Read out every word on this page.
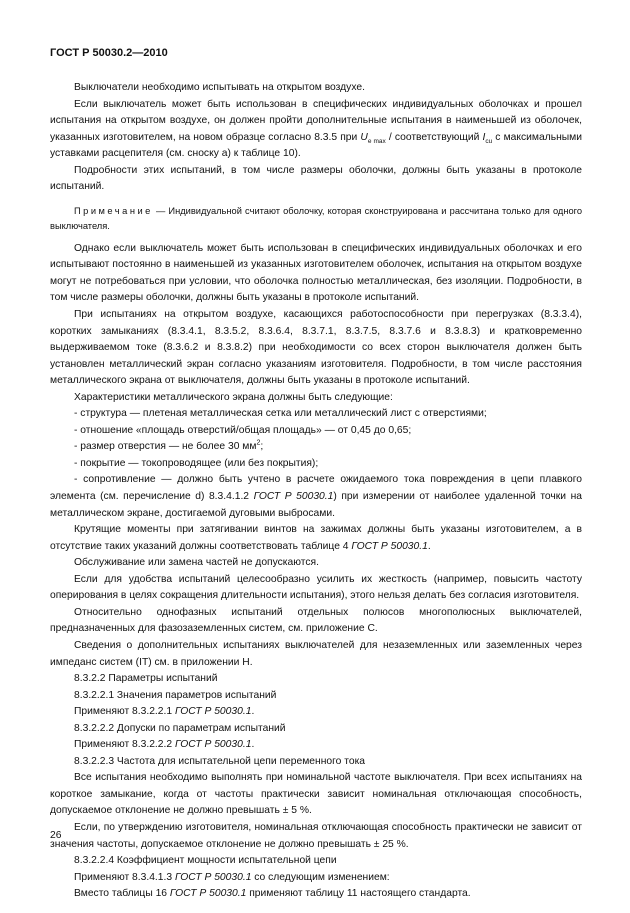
ГОСТ Р 50030.2—2010

Выключатели необходимо испытывать на открытом воздухе.

Если выключатель может быть использован в специфических индивидуальных оболочках и прошел испытания на открытом воздухе, он должен пройти дополнительные испытания в наименьшей из оболочек, указанных изготовителем, на новом образце согласно 8.3.5 при $U_{e max}$ / соответствующий $I_{cu}$ с максимальными уставками расцепителя (см. сноску а) к таблице 10).

Подробности этих испытаний, в том числе размеры оболочки, должны быть указаны в протоколе испытаний.

Примечание — Индивидуальной считают оболочку, которая сконструирована и рассчитана только для одного выключателя.

Однако если выключатель может быть использован в специфических индивидуальных оболочках и его испытывают постоянно в наименьшей из указанных изготовителем оболочек, испытания на открытом воздухе могут не потребоваться при условии, что оболочка полностью металлическая, без изоляции. Подробности, в том числе размеры оболочки, должны быть указаны в протоколе испытаний.

При испытаниях на открытом воздухе, касающихся работоспособности при перегрузках (8.3.3.4), коротких замыканиях (8.3.4.1, 8.3.5.2, 8.3.6.4, 8.3.7.1, 8.3.7.5, 8.3.7.6 и 8.3.8.3) и кратковременно выдерживаемом токе (8.3.6.2 и 8.3.8.2) при необходимости со всех сторон выключателя должен быть установлен металлический экран согласно указаниям изготовителя. Подробности, в том числе расстояния металлического экрана от выключателя, должны быть указаны в протоколе испытаний.

Характеристики металлического экрана должны быть следующие:

- структура — плетеная металлическая сетка или металлический лист с отверстиями;

- отношение «площадь отверстий/общая площадь» — от 0,45 до 0,65;

- размер отверстия — не более 30 $мм^2$;

- покрытие — токопроводящее (или без покрытия);

- сопротивление — должно быть учтено в расчете ожидаемого тока повреждения в цепи плавкого элемента (см. перечисление d) 8.3.4.1.2 ГОСТ Р 50030.1) при измерении от наиболее удаленной точки на металлическом экране, достигаемой дуговыми выбросами.

Крутящие моменты при затягивании винтов на зажимах должны быть указаны изготовителем, а в отсутствие таких указаний должны соответствовать таблице 4 ГОСТ Р 50030.1.

Обслуживание или замена частей не допускаются.

Если для удобства испытаний целесообразно усилить их жесткость (например, повысить частоту оперирования в целях сокращения длительности испытания), этого нельзя делать без согласия изготовителя.

Относительно однофазных испытаний отдельных полюсов многополюсных выключателей, предназначенных для фазозаземленных систем, см. приложение С.

Сведения о дополнительных испытаниях выключателей для незаземленных или заземленных через импеданс систем (IT) см. в приложении Н.

8.3.2.2 Параметры испытаний

8.3.2.2.1 Значения параметров испытаний

Применяют 8.3.2.2.1 ГОСТ Р 50030.1.

8.3.2.2.2 Допуски по параметрам испытаний

Применяют 8.3.2.2.2 ГОСТ Р 50030.1.

8.3.2.2.3 Частота для испытательной цепи переменного тока

Все испытания необходимо выполнять при номинальной частоте выключателя. При всех испытаниях на короткое замыкание, когда от частоты практически зависит номинальная отключающая способность, допускаемое отклонение не должно превышать ± 5 %.

Если, по утверждению изготовителя, номинальная отключающая способность практически не зависит от значения частоты, допускаемое отклонение не должно превышать ± 25 %.

8.3.2.2.4 Коэффициент мощности испытательной цепи

Применяют 8.3.4.1.3 ГОСТ Р 50030.1 со следующим изменением:

Вместо таблицы 16 ГОСТ Р 50030.1 применяют таблицу 11 настоящего стандарта.

26
